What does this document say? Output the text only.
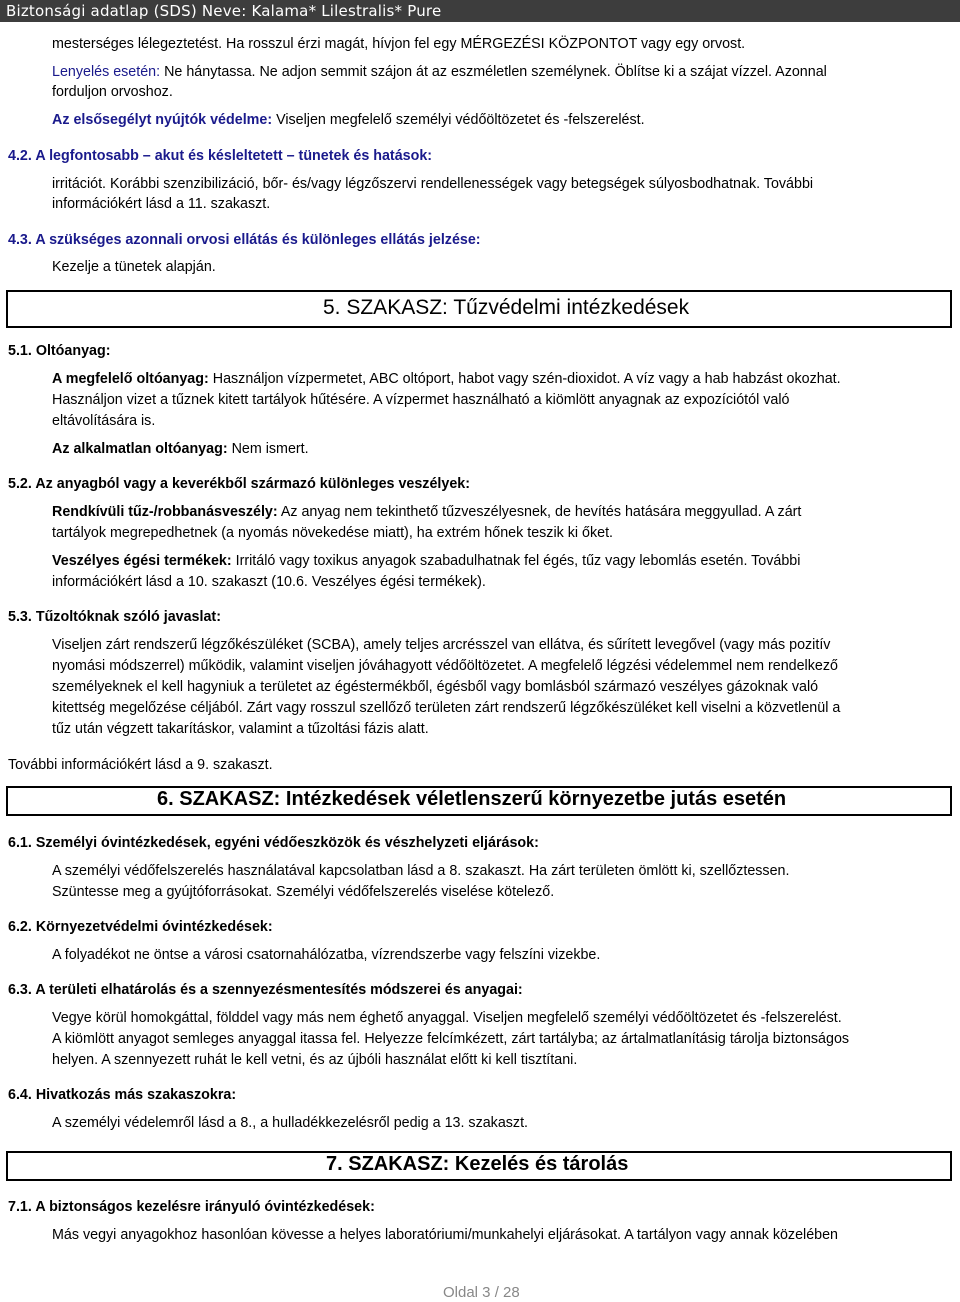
Biztonsági adatlap (SDS) Neve: Kalama* Lilestralis* Pure
mesterséges lélegeztetést. Ha rosszul érzi magát, hívjon fel egy MÉRGEZÉSI KÖZPONTOT vagy egy orvost.
Lenyelés esetén: Ne hánytassa. Ne adjon semmit szájon át az eszméletlen személynek. Öblítse ki a szájat vízzel. Azonnal
forduljon orvoshoz.
Az elsősegélyt nyújtók védelme: Viseljen megfelelő személyi védőöltözetet és -felszerelést.
4.2. A legfontosabb – akut és késleltetett – tünetek és hatások:
irritációt. Korábbi szenzibilizáció, bőr- és/vagy légzőszervi rendellenességek vagy betegségek súlyosbodhatnak. További
információkért lásd a 11. szakaszt.
4.3. A szükséges azonnali orvosi ellátás és különleges ellátás jelzése:
Kezelje a tünetek alapján.
5. SZAKASZ: Tűzvédelmi intézkedések
5.1. Oltóanyag:
A megfelelő oltóanyag: Használjon vízpermetet, ABC oltóport, habot vagy szén-dioxidot. A víz vagy a hab habzást okozhat.
Használjon vizet a tűznek kitett tartályok hűtésére. A vízpermet használható a kiömlött anyagnak az expozíciótól való
eltávolítására is.
Az alkalmatlan oltóanyag: Nem ismert.
5.2. Az anyagból vagy a keverékből származó különleges veszélyek:
Rendkívüli tűz-/robbanásveszély: Az anyag nem tekinthető tűzveszélyesnek, de hevítés hatására meggyullad. A zárt
tartályok megrepedhetnek (a nyomás növekedése miatt), ha extrém hőnek teszik ki őket.
Veszélyes égési termékek: Irritáló vagy toxikus anyagok szabadulhatnak fel égés, tűz vagy lebomlás esetén. További
információkért lásd a 10. szakaszt (10.6. Veszélyes égési termékek).
5.3. Tűzoltóknak szóló javaslat:
Viseljen zárt rendszerű légzőkészüléket (SCBA), amely teljes arcrésszel van ellátva, és sűrített levegővel (vagy más pozitív
nyomási módszerrel) működik, valamint viseljen jóváhagyott védőöltözetet. A megfelelő légzési védelemmel nem rendelkező
személyeknek el kell hagyniuk a területet az égéstermékből, égésből vagy bomlásból származó veszélyes gázoknak való
kitettség megelőzése céljából. Zárt vagy rosszul szellőző területen zárt rendszerű légzőkészüléket kell viselni a közvetlenül a
tűz után végzett takarításkor, valamint a tűzoltási fázis alatt.
További információkért lásd a 9. szakaszt.
6. SZAKASZ: Intézkedések véletlenszerű környezetbe jutás esetén
6.1. Személyi óvintézkedések, egyéni védőeszközök és vészhelyzeti eljárások:
A személyi védőfelszerelés használatával kapcsolatban lásd a 8. szakaszt. Ha zárt területen ömlött ki, szellőztessen.
Szüntesse meg a gyújtóforrásokat. Személyi védőfelszerelés viselése kötelező.
6.2. Környezetvédelmi óvintézkedések:
A folyadékot ne öntse a városi csatornahálózatba, vízrendszerbe vagy felszíni vizekbe.
6.3. A területi elhatárolás és a szennyezésmentesítés módszerei és anyagai:
Vegye körül homokgáttal, földdel vagy más nem éghető anyaggal. Viseljen megfelelő személyi védőöltözetet és -felszerelést.
A kiömlött anyagot semleges anyaggal itassa fel. Helyezze felcímkézett, zárt tartályba; az ártalmatlanításig tárolja biztonságos
helyen. A szennyezett ruhát le kell vetni, és az újbóli használat előtt ki kell tisztítani.
6.4. Hivatkozás más szakaszokra:
A személyi védelemről lásd a 8., a hulladékkezelésről pedig a 13. szakaszt.
7. SZAKASZ: Kezelés és tárolás
7.1. A biztonságos kezelésre irányuló óvintézkedések:
Más vegyi anyagokhoz hasonlóan kövesse a helyes laboratóriumi/munkahelyi eljárásokat. A tartályon vagy annak közelében
Oldal 3 / 28
